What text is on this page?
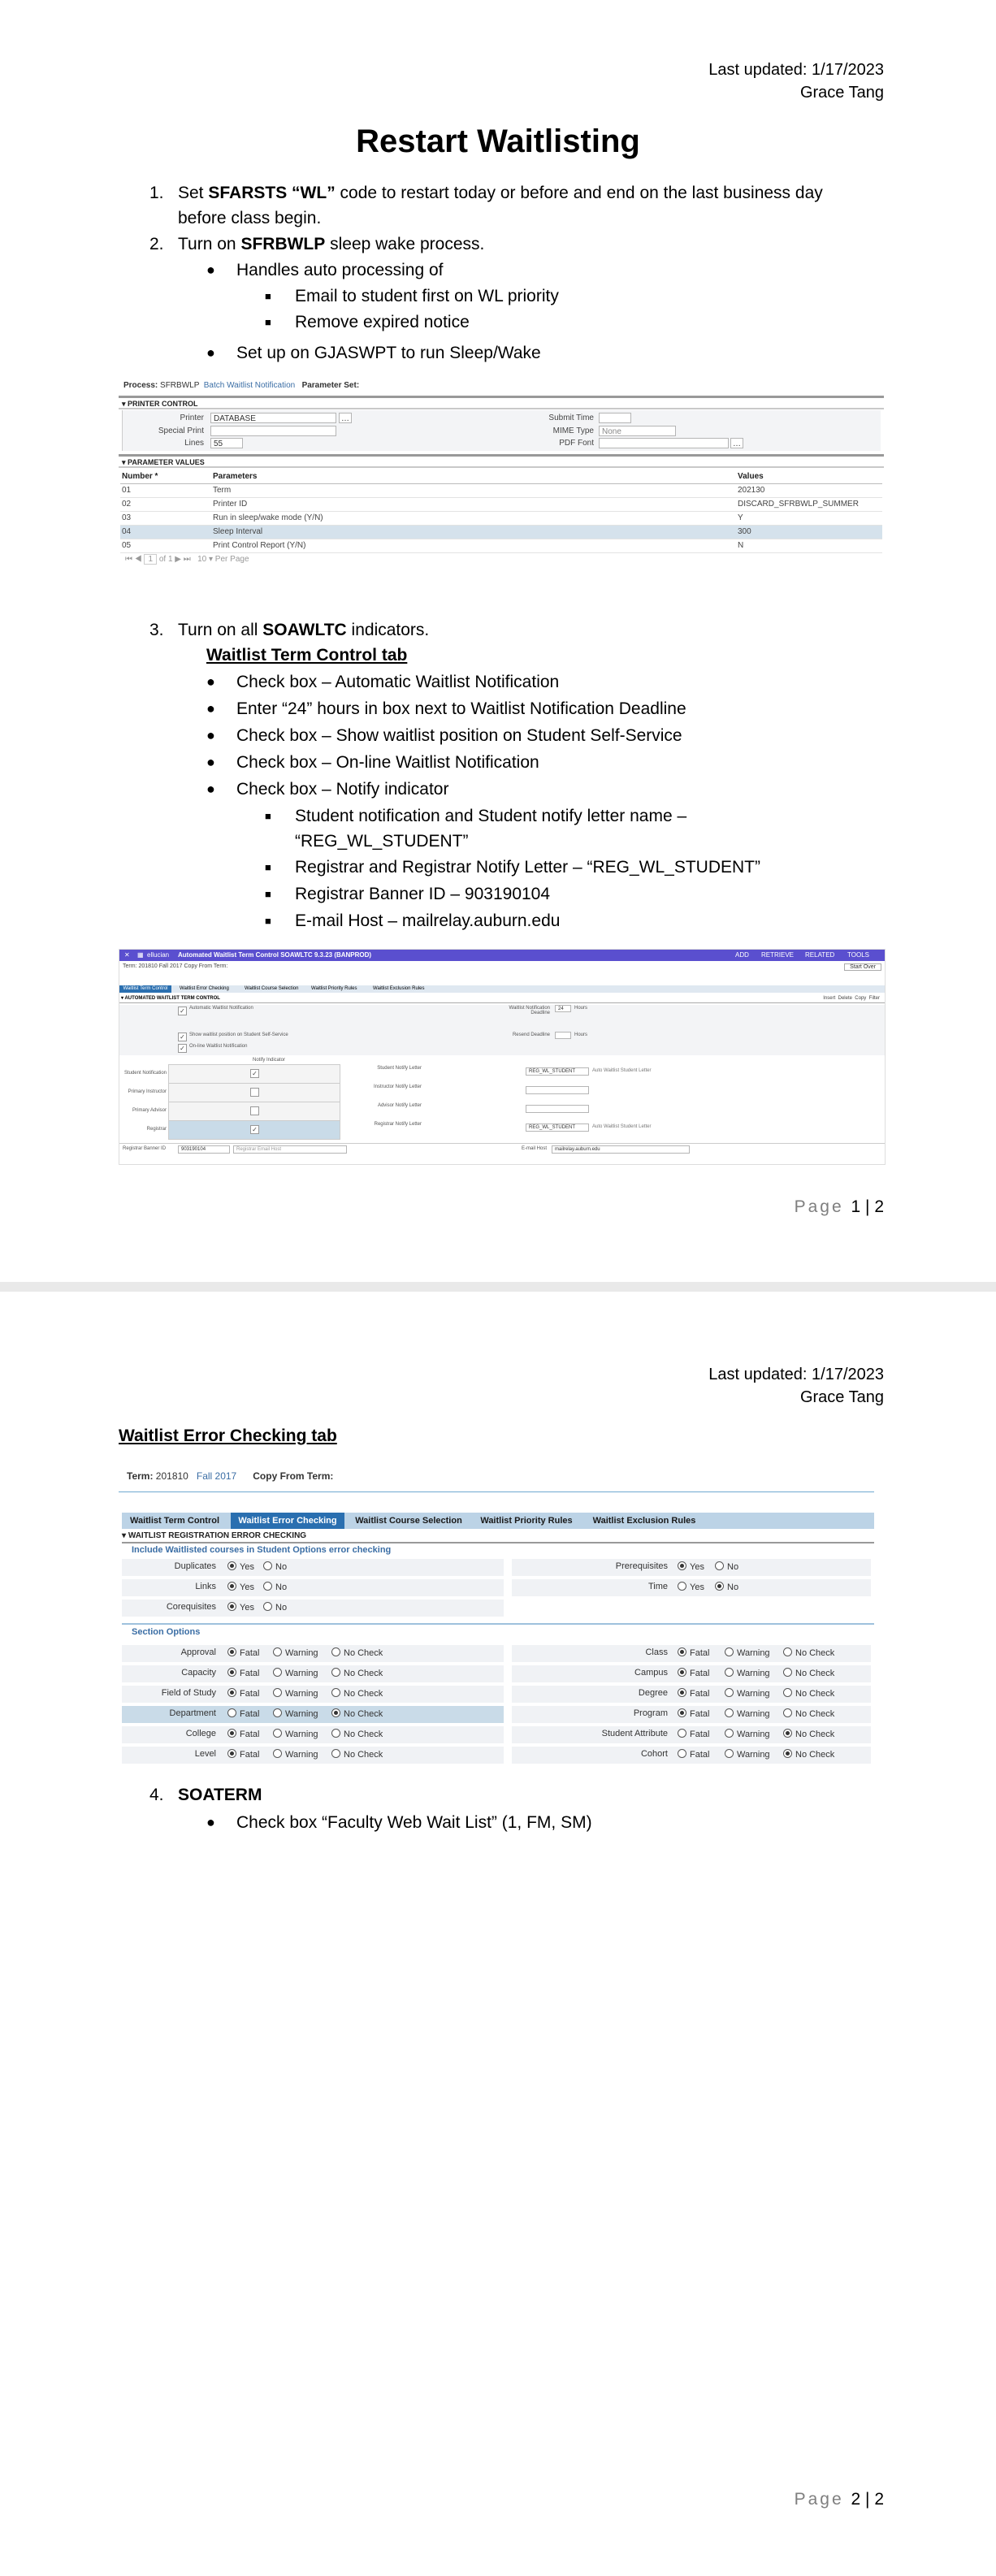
Last updated: 1/17/2023
Grace Tang
Restart Waitlisting
1. Set SFARSTS “WL” code to restart today or before and end on the last business day
before class begin.
2. Turn on SFRBWLP sleep wake process.
● Handles auto processing of
■ Email to student first on WL priority
■ Remove expired notice
● Set up on GJASWPT to run Sleep/Wake
Process: SFRBWLP Batch Waitlist Notification Parameter Set:
▾ PRINTER CONTROL
Printer	DATABASE	…
Special Print
Lines	55
Submit Time
MIME Type	None
PDF Font	…
▾ PARAMETER VALUES
Number *	Parameters	Values
01	Term	202130
02	Printer ID	DISCARD_SFRBWLP_SUMMER
03	Run in sleep/wake mode (Y/N)	Y
04	Sleep Interval	300
05	Print Control Report (Y/N)	N
⏮ ◀ 1 of 1 ▶ ⏭   10 ▾ Per Page
3. Turn on all SOAWLTC indicators.
Waitlist Term Control tab
● Check box – Automatic Waitlist Notification
● Enter “24” hours in box next to Waitlist Notification Deadline
● Check box – Show waitlist position on Student Self-Service
● Check box – On-line Waitlist Notification
● Check box – Notify indicator
■ Student notification and Student notify letter name –
“REG_WL_STUDENT”
■ Registrar and Registrar Notify Letter – “REG_WL_STUDENT”
■ Registrar Banner ID – 903190104
■ E-mail Host – mailrelay.auburn.edu
✕ ▦ ellucian Automated Waitlist Term Control SOAWLTC 9.3.23 (BANPROD)	ADD RETRIEVE RELATED TOOLS
Term: 201810 Fall 2017 Copy From Term:	Start Over
Waitlist Term Control	Waitlist Error Checking	Waitlist Course Selection	Waitlist Priority Rules	Waitlist Exclusion Rules
▾ AUTOMATED WAITLIST TERM CONTROL	Insert Delete Copy Filter
✓ Automatic Waitlist Notification
✓ Show waitlist position on Student Self-Service
✓ On-line Waitlist Notification
Waitlist Notification Deadline
24	Hours
Resend Deadline	Hours
Notify Indicator
Student Notification	✓
Student Notify Letter
REG_WL_STUDENT	Auto Waitlist Student Letter
Primary Instructor
Instructor Notify Letter
Primary Advisor
Advisor Notify Letter
Registrar	✓
Registrar Notify Letter
REG_WL_STUDENT	Auto Waitlist Student Letter
Registrar Banner ID	903190104	Registrar Email Host	E-mail Host	mailrelay.auburn.edu
Page 1 | 2
Last updated: 1/17/2023
Grace Tang
Waitlist Error Checking tab
Term: 201810 Fall 2017 Copy From Term:
Waitlist Term Control	Waitlist Error Checking	Waitlist Course Selection	Waitlist Priority Rules	Waitlist Exclusion Rules
▾ WAITLIST REGISTRATION ERROR CHECKING
Include Waitlisted courses in Student Options error checking
Duplicates	Yes	No
Links	Yes	No
Corequisites	Yes	No
Prerequisites	Yes	No
Time	Yes	No
Section Options
Approval	Fatal	Warning	No Check
Capacity	Fatal	Warning	No Check
Field of Study	Fatal	Warning	No Check
Department	Fatal	Warning	No Check
College	Fatal	Warning	No Check
Level	Fatal	Warning	No Check
Class	Fatal	Warning	No Check
Campus	Fatal	Warning	No Check
Degree	Fatal	Warning	No Check
Program	Fatal	Warning	No Check
Student Attribute	Fatal	Warning	No Check
Cohort	Fatal	Warning	No Check
4. SOATERM
● Check box “Faculty Web Wait List” (1, FM, SM)
Page 2 | 2
